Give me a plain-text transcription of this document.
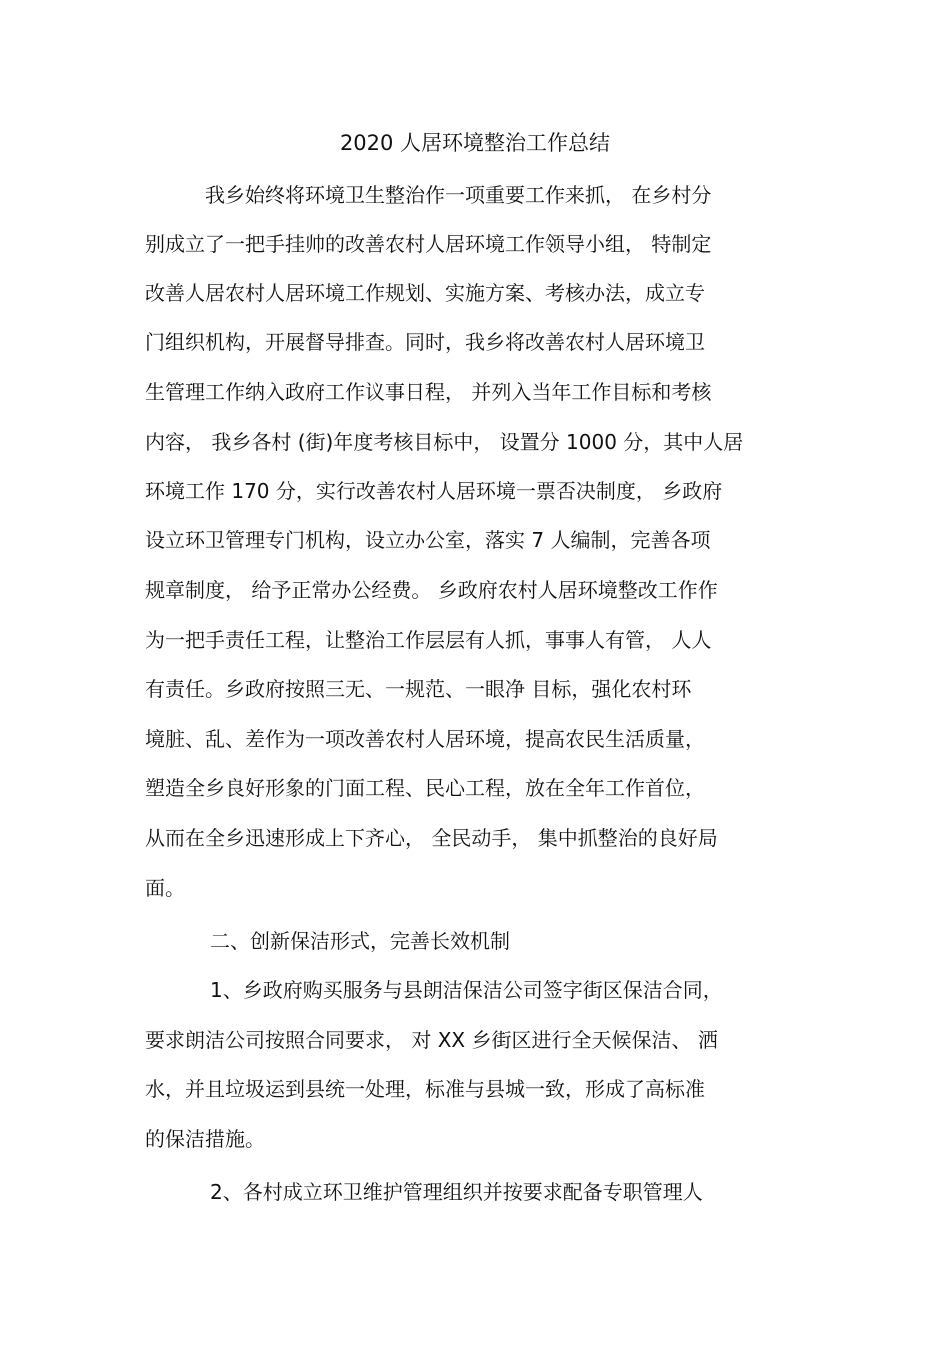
2020 人居环境整治工作总结

我乡始终将环境卫生整治作一项重要工作来抓， 在乡村分

别成立了一把手挂帅的改善农村人居环境工作领导小组， 特制定

改善人居农村人居环境工作规划、实施方案、考核办法，成立专

门组织机构，开展督导排查。同时，我乡将改善农村人居环境卫

生管理工作纳入政府工作议事日程， 并列入当年工作目标和考核

内容， 我乡各村 (街)年度考核目标中， 设置分 1000 分，其中人居

环境工作 170 分，实行改善农村人居环境一票否决制度， 乡政府

设立环卫管理专门机构，设立办公室，落实 7 人编制，完善各项

规章制度， 给予正常办公经费。 乡政府农村人居环境整改工作作

为一把手责任工程，让整治工作层层有人抓，事事人有管， 人人

有责任。乡政府按照三无、一规范、一眼净 目标，强化农村环

境脏、乱、差作为一项改善农村人居环境，提高农民生活质量，

塑造全乡良好形象的门面工程、民心工程，放在全年工作首位，

从而在全乡迅速形成上下齐心， 全民动手， 集中抓整治的良好局

面。

二、创新保洁形式，完善长效机制

1、乡政府购买服务与县朗洁保洁公司签字街区保洁合同，

要求朗洁公司按照合同要求， 对 XX 乡街区进行全天候保洁、 洒

水，并且垃圾运到县统一处理，标准与县城一致，形成了高标准

的保洁措施。

2、各村成立环卫维护管理组织并按要求配备专职管理人
